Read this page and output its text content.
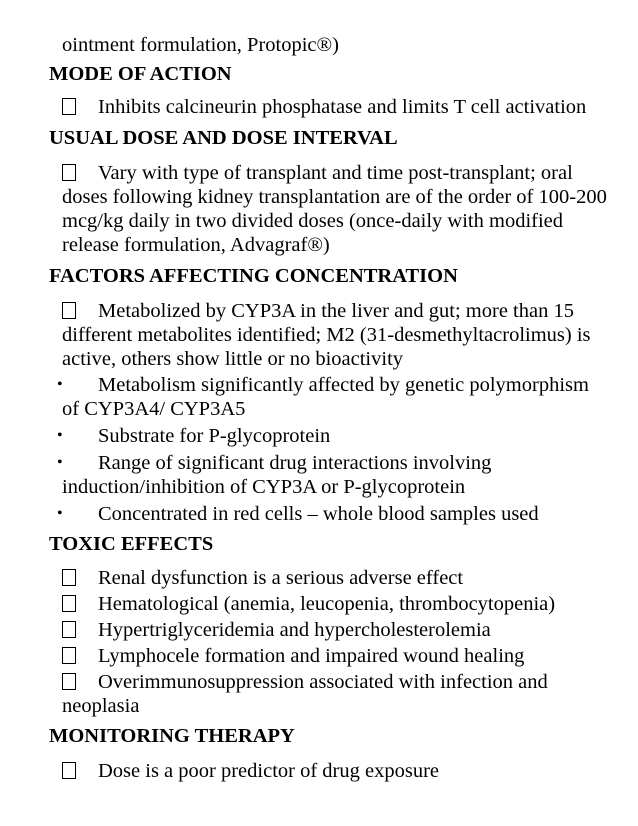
ointment formulation, Protopic®)
MODE OF ACTION
Inhibits calcineurin phosphatase and limits T cell activation
USUAL DOSE AND DOSE INTERVAL
Vary with type of transplant and time post-transplant; oral
doses following kidney transplantation are of the order of 100-200
mcg/kg daily in two divided doses (once-daily with modified
release formulation, Advagraf®)
FACTORS AFFECTING CONCENTRATION
Metabolized by CYP3A in the liver and gut; more than 15
different metabolites identified; M2 (31-desmethyltacrolimus) is
active, others show little or no bioactivity
• Metabolism significantly affected by genetic polymorphism
of CYP3A4/ CYP3A5
• Substrate for P-glycoprotein
• Range of significant drug interactions involving
induction/inhibition of CYP3A or P-glycoprotein
• Concentrated in red cells – whole blood samples used
TOXIC EFFECTS
Renal dysfunction is a serious adverse effect
Hematological (anemia, leucopenia, thrombocytopenia)
Hypertriglyceridemia and hypercholesterolemia
Lymphocele formation and impaired wound healing
Overimmunosuppression associated with infection and
neoplasia
MONITORING THERAPY
Dose is a poor predictor of drug exposure
